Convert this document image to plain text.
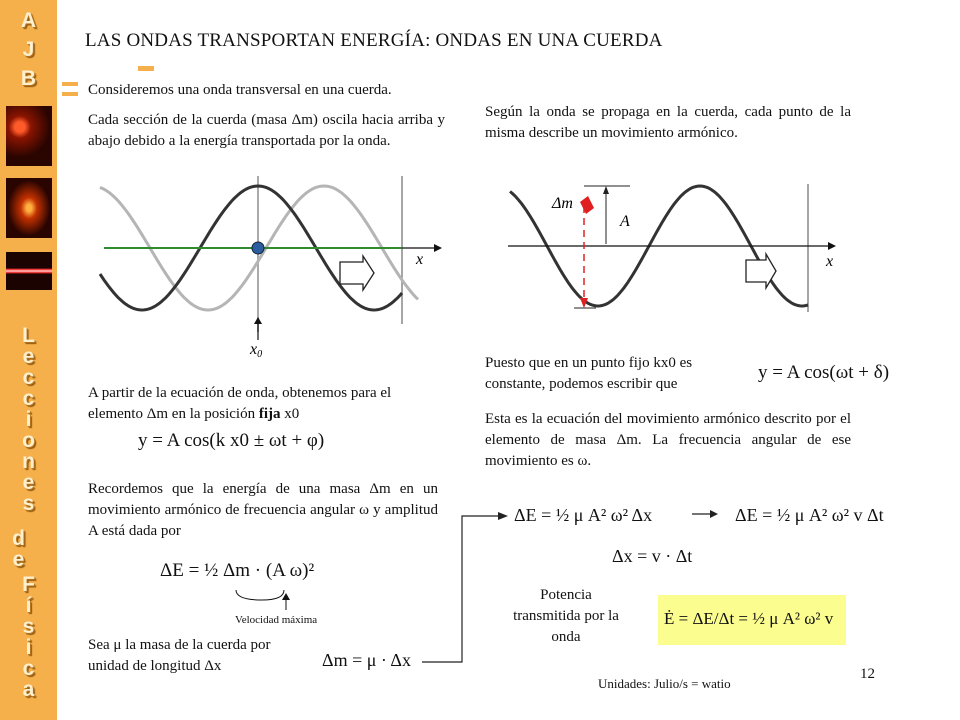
A
J
B
L
e
c
c
i
o
n
e
s
d
e
F
í
s
i
c
a
LAS ONDAS TRANSPORTAN ENERGÍA: ONDAS EN UNA CUERDA
Consideremos una onda transversal en una cuerda.
Cada sección de la cuerda (masa Δm) oscila hacia arriba y abajo debido a la energía transportada por la onda.
x
x0
A partir de la ecuación de onda, obtenemos para el elemento Δm en la posición fija x0
y = A cos(k x0 ± ωt + φ)
Recordemos que la energía de una masa Δm en un movimiento armónico de frecuencia angular ω y amplitud A está dada por
ΔE = ½ Δm · (A ω)²
Velocidad máxima
Sea μ la masa de la cuerda por unidad de longitud Δx	Δm = μ · Δx
Según la onda se propaga en la cuerda, cada punto de la misma describe un movimiento armónico.
x
A
Δm
Puesto que en un punto fijo kx0 es constante, podemos escribir que
y = A cos(ωt + δ)
Esta es la ecuación del movimiento armónico descrito por el elemento de masa Δm. La frecuencia angular de ese movimiento es ω.
ΔE = ½ μ A² ω² Δx	ΔE = ½ μ A² ω² v Δt
Δx = v · Δt
Potencia transmitida por la onda
Ė = ΔE/Δt = ½ μ A² ω² v
Unidades: Julio/s = watio
12
